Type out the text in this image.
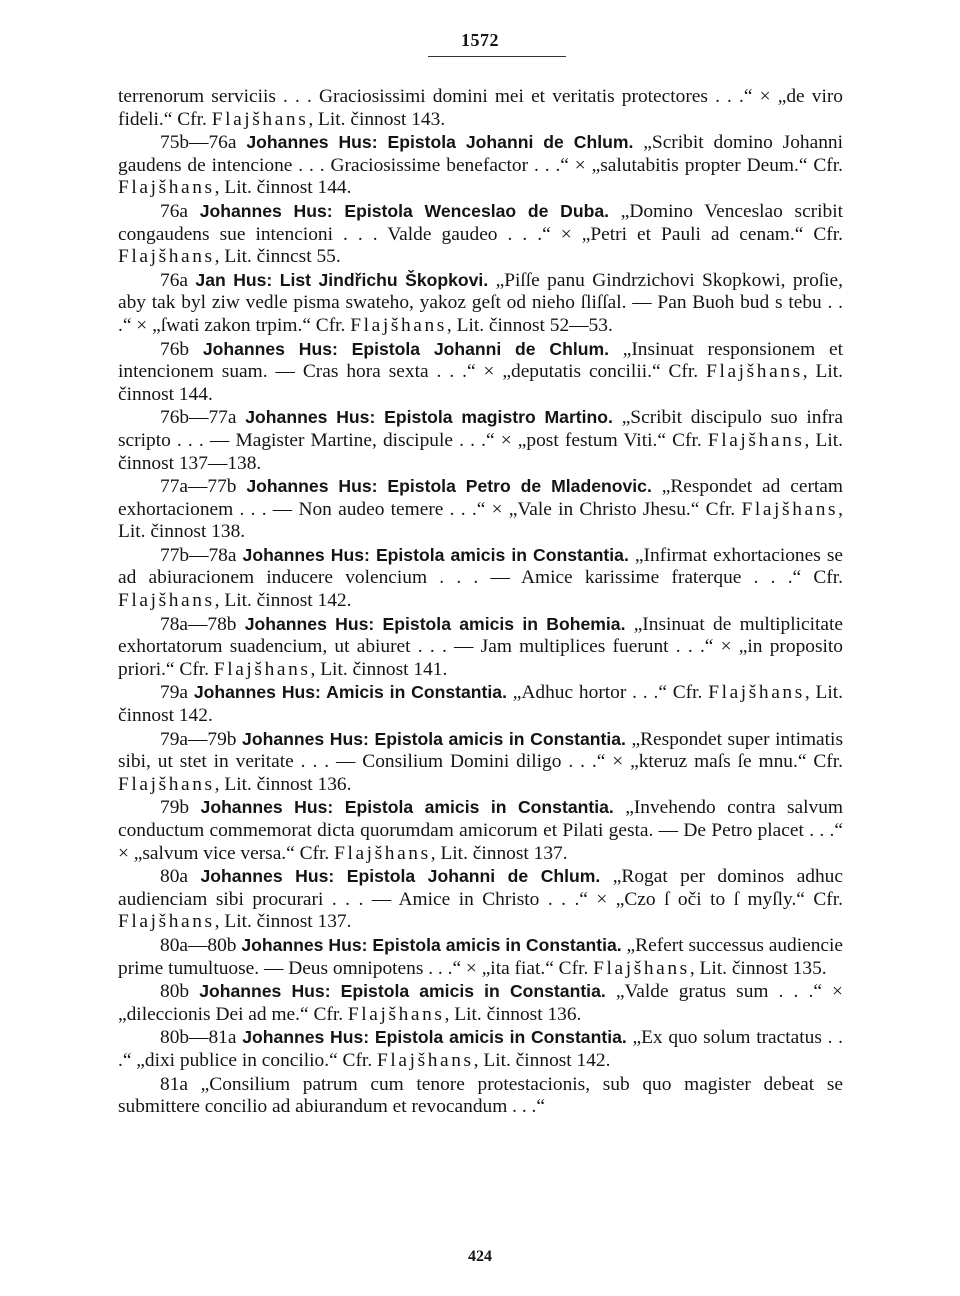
1572

terrenorum serviciis . . . Graciosissimi domini mei et veritatis protectores . . .“ × „de viro fideli.“ Cfr. Flajšhans, Lit. činnost 143.

75b—76a Johannes Hus: Epistola Johanni de Chlum. „Scribit domino Johanni gaudens de intencione . . . Graciosissime benefactor . . .“ × „salutabitis propter Deum.“ Cfr. Flajšhans, Lit. činnost 144.

76a Johannes Hus: Epistola Wenceslao de Duba. „Domino Venceslao scribit congaudens sue intencioni . . . Valde gaudeo . . .“ × „Petri et Pauli ad cenam.“ Cfr. Flajšhans, Lit. činncst 55.

76a Jan Hus: List Jindřichu Škopkovi. „Piſſe panu Gindrzichovi Skopkowi, proſie, aby tak byl ziw vedle pisma swateho, yakoz geſt od nieho ſliſſal. — Pan Buoh bud s tebu . . .“ × „ſwati zakon trpim.“ Cfr. Flajšhans, Lit. činnost 52—53.

76b Johannes Hus: Epistola Johanni de Chlum. „Insinuat responsionem et intencionem suam. — Cras hora sexta . . .“ × „deputatis concilii.“ Cfr. Flajšhans, Lit. činnost 144.

76b—77a Johannes Hus: Epistola magistro Martino. „Scribit discipulo suo infra scripto . . . — Magister Martine, discipule . . .“ × „post festum Viti.“ Cfr. Flajšhans, Lit. činnost 137—138.

77a—77b Johannes Hus: Epistola Petro de Mladenovic. „Respondet ad certam exhortacionem . . . — Non audeo temere . . .“ × „Vale in Christo Jhesu.“ Cfr. Flajšhans, Lit. činnost 138.

77b—78a Johannes Hus: Epistola amicis in Constantia. „Infirmat exhortaciones se ad abiuracionem inducere volencium . . . — Amice karissime fraterque . . .“ Cfr. Flajšhans, Lit. činnost 142.

78a—78b Johannes Hus: Epistola amicis in Bohemia. „Insinuat de multiplicitate exhortatorum suadencium, ut abiuret . . . — Jam multiplices fuerunt . . .“ × „in proposito priori.“ Cfr. Flajšhans, Lit. činnost 141.

79a Johannes Hus: Amicis in Constantia. „Adhuc hortor . . .“ Cfr. Flajšhans, Lit. činnost 142.

79a—79b Johannes Hus: Epistola amicis in Constantia. „Respondet super intimatis sibi, ut stet in veritate . . . — Consilium Domini diligo . . .“ × „kteruz maſs ſe mnu.“ Cfr. Flajšhans, Lit. činnost 136.

79b Johannes Hus: Epistola amicis in Constantia. „Invehendo contra salvum conductum commemorat dicta quorumdam amicorum et Pilati gesta. — De Petro placet . . .“ × „salvum vice versa.“ Cfr. Flajšhans, Lit. činnost 137.

80a Johannes Hus: Epistola Johanni de Chlum. „Rogat per dominos adhuc audienciam sibi procurari . . . — Amice in Christo . . .“ × „Czo ſ oči to ſ myſly.“ Cfr. Flajšhans, Lit. činnost 137.

80a—80b Johannes Hus: Epistola amicis in Constantia. „Refert successus audiencie prime tumultuose. — Deus omnipotens . . .“ × „ita fiat.“ Cfr. Flajšhans, Lit. činnost 135.

80b Johannes Hus: Epistola amicis in Constantia. „Valde gratus sum . . .“ × „dileccionis Dei ad me.“ Cfr. Flajšhans, Lit. činnost 136.

80b—81a Johannes Hus: Epistola amicis in Constantia. „Ex quo solum tractatus . . .“ „dixi publice in concilio.“ Cfr. Flajšhans, Lit. činnost 142.

81a „Consilium patrum cum tenore protestacionis, sub quo magister debeat se submittere concilio ad abiurandum et revocandum . . .“

424
